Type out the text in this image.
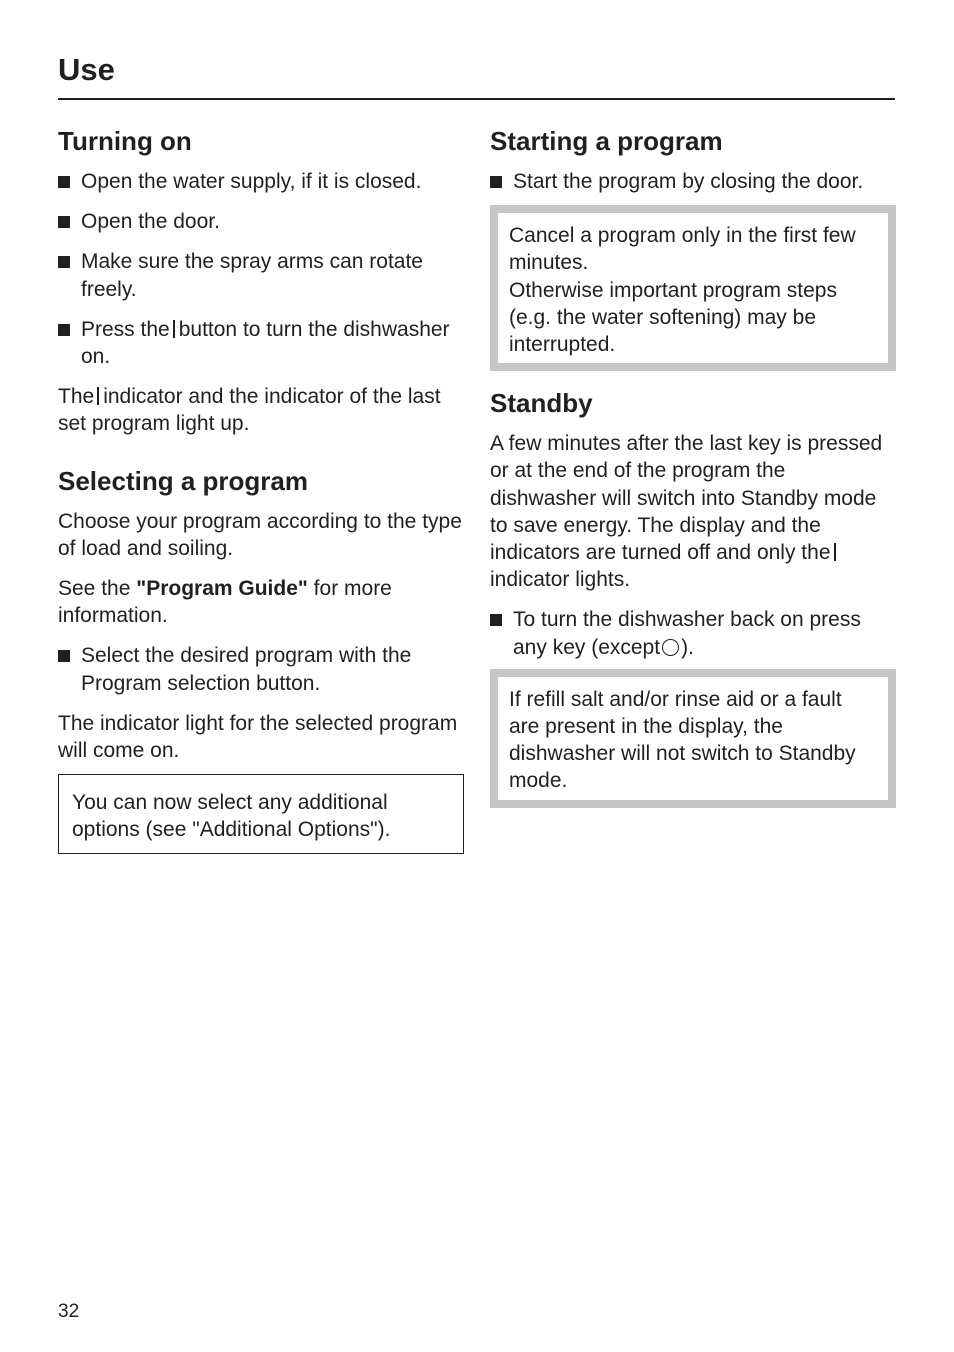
Use
Turning on
Open the water supply, if it is closed.
Open the door.
Make sure the spray arms can rotate freely.
Press the button to turn the dishwasher on.

The indicator and the indicator of the last set program light up.

Selecting a program

Choose your program according to the type of load and soiling.

See the "Program Guide" for more information.

Select the desired program with the Program selection button.

The indicator light for the selected program will come on.

You can now select any additional options (see "Additional Options").
Starting a program
Start the program by closing the door.
Cancel a program only in the first few minutes.
Otherwise important program steps (e.g. the water softening) may be interrupted.
Standby

A few minutes after the last key is pressed or at the end of the program the dishwasher will switch into Standby mode to save energy. The display and the indicators are turned off and only theindicator lights.

To turn the dishwasher back on press any key (except ).
If refill salt and/or rinse aid or a fault are present in the display, the dishwasher will not switch to Standby mode.
32
